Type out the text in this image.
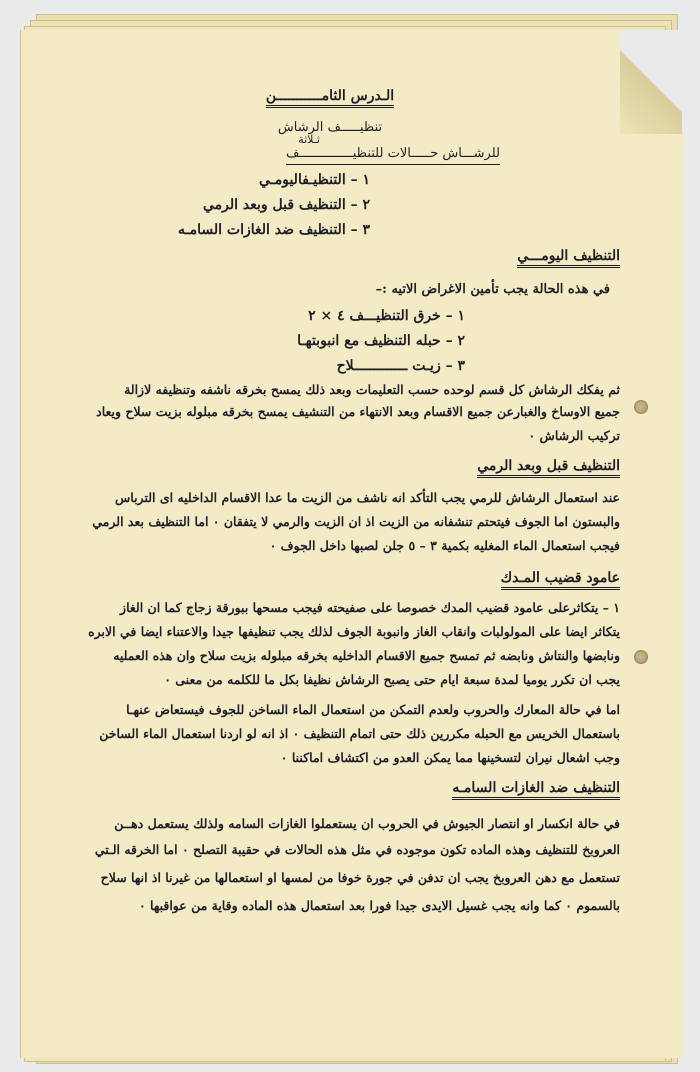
الـدرس الثامـــــــــــن
تنظيـــــف الرشاش
ثـلاثة
للرشـــاش حـــــالات للتنظيــــــــــــــف
١ – التنظيـفاليومـي
٢ – التنظيف قبل وبعد الرمي
٣ – التنظيف ضد الغازات السامـه
التنظيف اليومـــي
في هذه الحالة يجب تأمين الاغراض الاتيه :–
١ – خرق التنظيـــف ٤ × ٢
٢ – حبله التنظيف مع انبوبتهـا
٣ – زيـت ـــــــــــــلاح
ثم يفكك الرشاش كل قسم لوحده حسب التعليمات وبعد ذلك يمسح بخرقه ناشفه وتنظيفه لازالة
جميع الاوساخ والغبارعن جميع الاقسام وبعد الانتهاء من التنشيف يمسح بخرقه مبلوله بزيت سلاح ويعاد
تركيب الرشاش ٠
التنظيف قبل وبعد الرمي
عند استعمال الرشاش للرمي يجب التأكد انه ناشف من الزيت ما عدا الاقسام الداخليه اى الترباس
والبستون اما الجوف فيتحتم تنشفانه من الزيت اذ ان الزيت والرمي لا يتفقان ٠ اما التنظيف بعد الرمي
فيجب استعمال الماء المغليه بكمية ٣ – ٥ جلن لصبها داخل الجوف ٠
عامود قضيب المـدك
١ – يتكاثرعلى عامود قضيب المدك خصوصا على صفيحته فيجب مسحها ببورقة زجاج كما ان الغاز
يتكاثر ايضا على المولولبات وانقاب الغاز وانبوبة الجوف لذلك يجب تنظيفها جيدا والاعتناء ايضا في الابره
ونابضها والنتاش ونابضه ثم تمسح جميع الاقسام الداخليه بخرقه مبلوله بزيت سلاح وان هذه العمليه
يجب ان تكرر يوميا لمدة سبعة ايام حتى يصبح الرشاش نظيفا بكل ما للكلمه من معنى ٠
اما في حالة المعارك والحروب ولعدم التمكن من استعمال الماء الساخن للجوف فيستعاض عنهـا
باستعمال الخريس مع الحبله مكررين ذلك حتى اتمام التنظيف ٠ اذ انه لو اردنا استعمال الماء الساخن
وجب اشعال نيران لتسخينها مما يمكن العدو من اكتشاف اماكننا ٠
التنظيف ضد الغازات السامـه
في حالة انكسار او انتصار الجيوش في الحروب ان يستعملوا الغازات السامه ولذلك يستعمل دهــن
العروبخ للتنظيف وهذه الماده تكون موجوده في مثل هذه الحالات في حقيبة التصلح ٠ اما الخرقه الـتي
تستعمل مع دهن العروبخ يجب ان تدفن في جورة خوفا من لمسها او استعمالها من غيرنا اذ انها سلاح
بالسموم ٠ كما وانه يجب غسيل الايدى جيدا فورا بعد استعمال هذه الماده وقاية من عواقبها ٠
